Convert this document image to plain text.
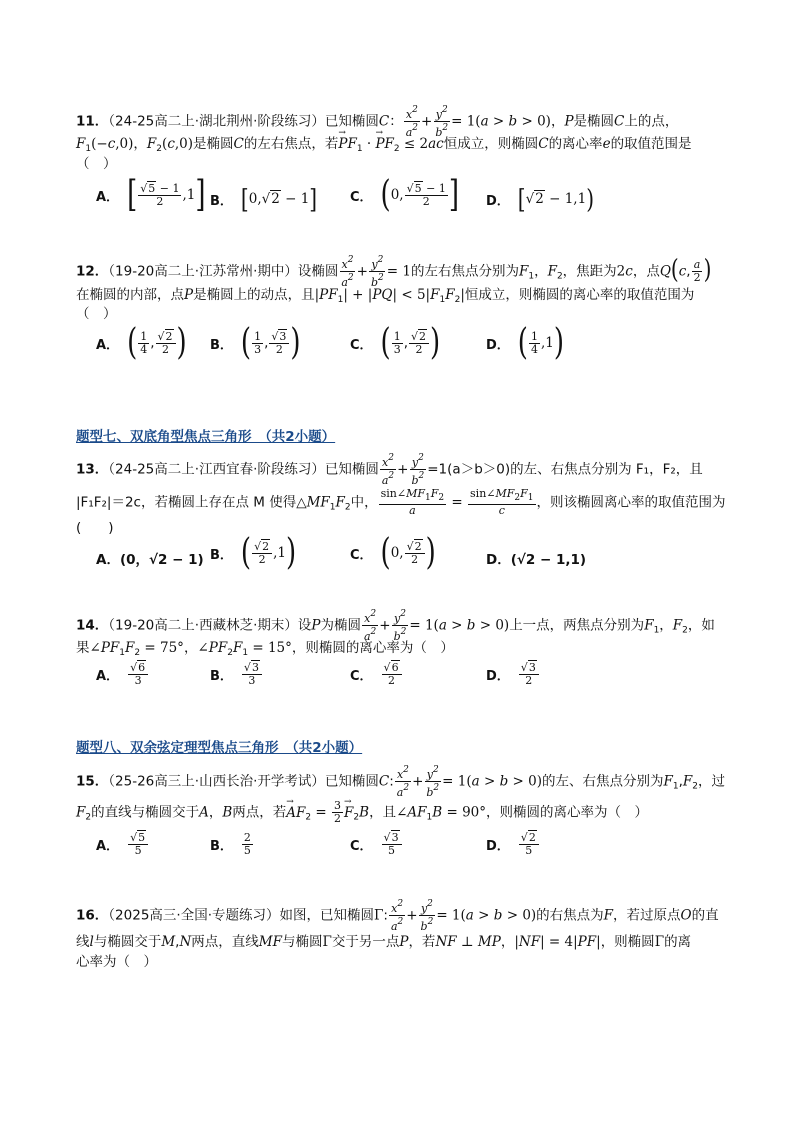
11．（24-25高二上·湖北荆州·阶段练习）已知椭圆C： $\frac{x^2}{a^2} + \frac{y^2}{b^2} = 1(a > b > 0)$，P是椭圆C上的点，
$F_1(-c,0)$，$F_2(c,0)$是椭圆C的左右焦点，若→ $PF_1$ · → $PF_2 \le 2ac$恒成立，则椭圆C的离心率e的取值范围是
（　）
A． [ $\frac{√5 - 1}{2} ,1$ ] B． [ 0,√2 − 1 ]	C． ( 0, $\frac{√5 - 1}{2}$ ] D． [ √2 − 1,1 )
12．（19-20高二上·江苏常州·期中）设椭圆 $\frac{x^2}{a^2} + \frac{y^2}{b^2} = 1$的左右焦点分别为$F_1$，$F_2$，焦距为2c，点Q(c, $\frac{a}{2}$ )
在椭圆的内部，点P是椭圆上的动点，且$|PF_1| + |PQ| < 5|F_1F_2|$恒成立，则椭圆的离心率的取值范围为
（　）
A． ( $\frac{1}{4}$ , $\frac{√2}{2}$ ) B． ( $\frac{1}{3}$ , $\frac{√3}{2}$ )	C． ( $\frac{1}{3}$ , $\frac{√2}{2}$ )	D． ( $\frac{1}{4} ,1$ )
题型七、双底角型焦点三角形　（共2小题）
13．（24-25高二上·江西宜春·阶段练习）已知椭圆 $\frac{x^2}{a^2} + \frac{y^2}{b^2} =1(a>b>0)$的左、右焦点分别为 F₁，F₂，且
|F₁F₂|＝2c，若椭圆上存在点 M 使得$\triangle MF_1F_2$中， $\frac{\sin\angle MF_1F_2}{a} = \frac{\sin\angle MF_2F_1}{c}$ ，则该椭圆离心率的取值范围为
(　　)
A．(0，√2 − 1) B． ( $\frac{√2}{2} ,1$ )	C． ( 0, $\frac{√2}{2}$ )	D．(√2 − 1,1)
14．（19-20高二上·西藏林芝·期末）设P为椭圆 $\frac{x^2}{a^2} + \frac{y^2}{b^2} = 1(a > b > 0)$上一点，两焦点分别为$F_1$，$F_2$，如
果$\angle PF_1F_2 = 75^\circ$，$\angle PF_2F_1 = 15^\circ$，则椭圆的离心率为（　）
A． $\frac{√6}{3}$	B． $\frac{√3}{3}$	C． $\frac{√6}{2}$	D． $\frac{√3}{2}$
题型八、双余弦定理型焦点三角形　（共2小题）
15．（25-26高三上·山西长治·开学考试）已知椭圆C: $\frac{x^2}{a^2} + \frac{y^2}{b^2} = 1(a > b > 0)$的左、右焦点分别为$F_1,F_2$，过
$F_2$的直线与椭圆交于A，B两点，若→ $AF_2 = \frac{3}{2} \to F_2B$，且$\angle AF_1B = 90^\circ$，则椭圆的离心率为（　）
A． $\frac{√5}{5}$	B． $\frac{2}{5}$	C． $\frac{√3}{5}$	D． $\frac{√2}{5}$
16．（2025高三·全国·专题练习）如图，已知椭圆Γ: $\frac{x^2}{a^2} + \frac{y^2}{b^2} = 1(a > b > 0)$的右焦点为F，若过原点O的直
线l与椭圆交于M,N两点，直线MF与椭圆Γ交于另一点P，若NF ⊥ MP，|NF| = 4|PF|，则椭圆Γ的离
心率为（　）
